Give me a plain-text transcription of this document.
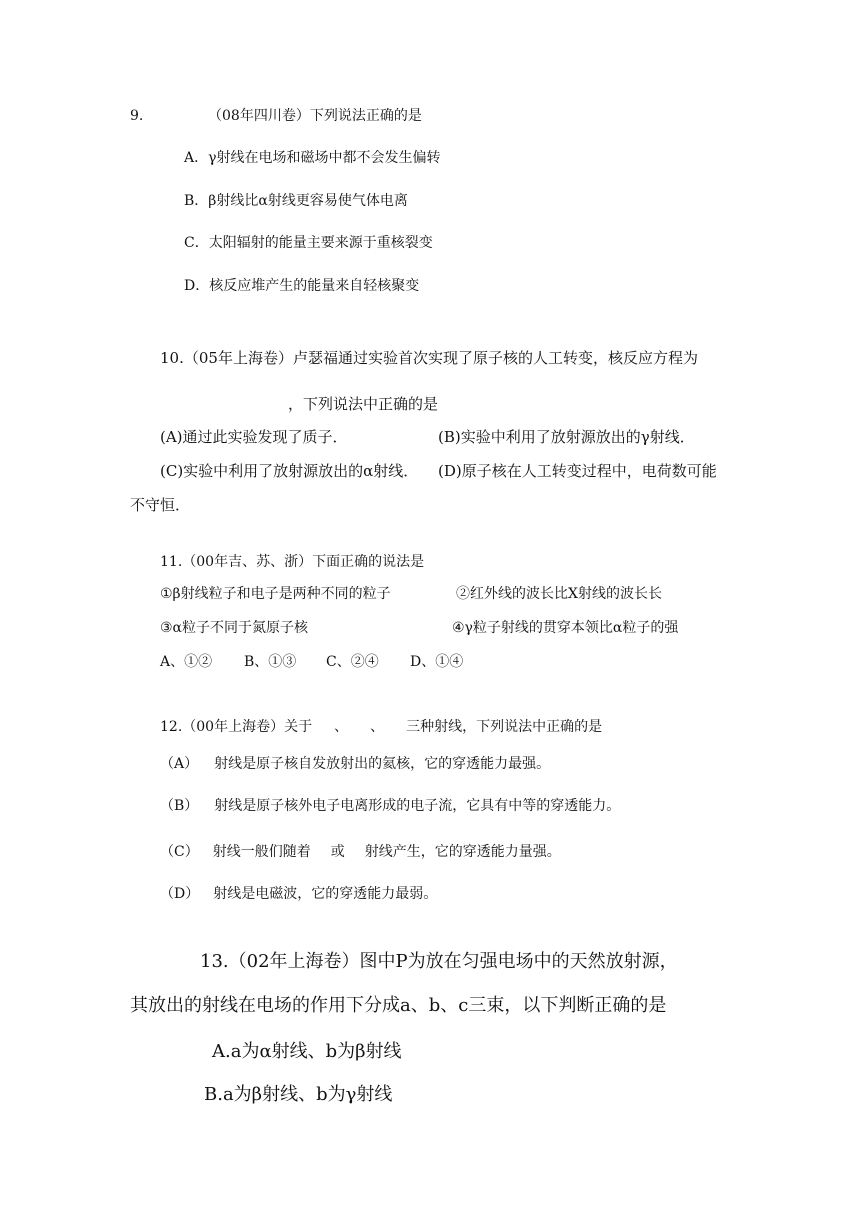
9.	（08年四川卷）下列说法正确的是
A．γ射线在电场和磁场中都不会发生偏转
B．β射线比α射线更容易使气体电离
C．太阳辐射的能量主要来源于重核裂变
D．核反应堆产生的能量来自轻核聚变
10.（05年上海卷）卢瑟福通过实验首次实现了原子核的人工转变，核反应方程为
，下列说法中正确的是
(A)通过此实验发现了质子．	(B)实验中利用了放射源放出的γ射线．
(C)实验中利用了放射源放出的α射线． (D)原子核在人工转变过程中，电荷数可能
不守恒．
11.（00年吉、苏、浙）下面正确的说法是
①β射线粒子和电子是两种不同的粒子	②红外线的波长比X射线的波长长
③α粒子不同于氮原子核	④γ粒子射线的贯穿本领比α粒子的强
A、①② B、①③ C、②④ D、①④
12.（00年上海卷）关于 、 、 三种射线，下列说法中正确的是
（A） 射线是原子核自发放射出的氦核，它的穿透能力最强。
（B） 射线是原子核外电子电离形成的电子流，它具有中等的穿透能力。
（C） 射线一般们随着 或 射线产生，它的穿透能力量强。
（D） 射线是电磁波，它的穿透能力最弱。
13.（02年上海卷）图中P为放在匀强电场中的天然放射源，
其放出的射线在电场的作用下分成a、b、c三束，以下判断正确的是
A.a为α射线、b为β射线
B.a为β射线、b为γ射线
